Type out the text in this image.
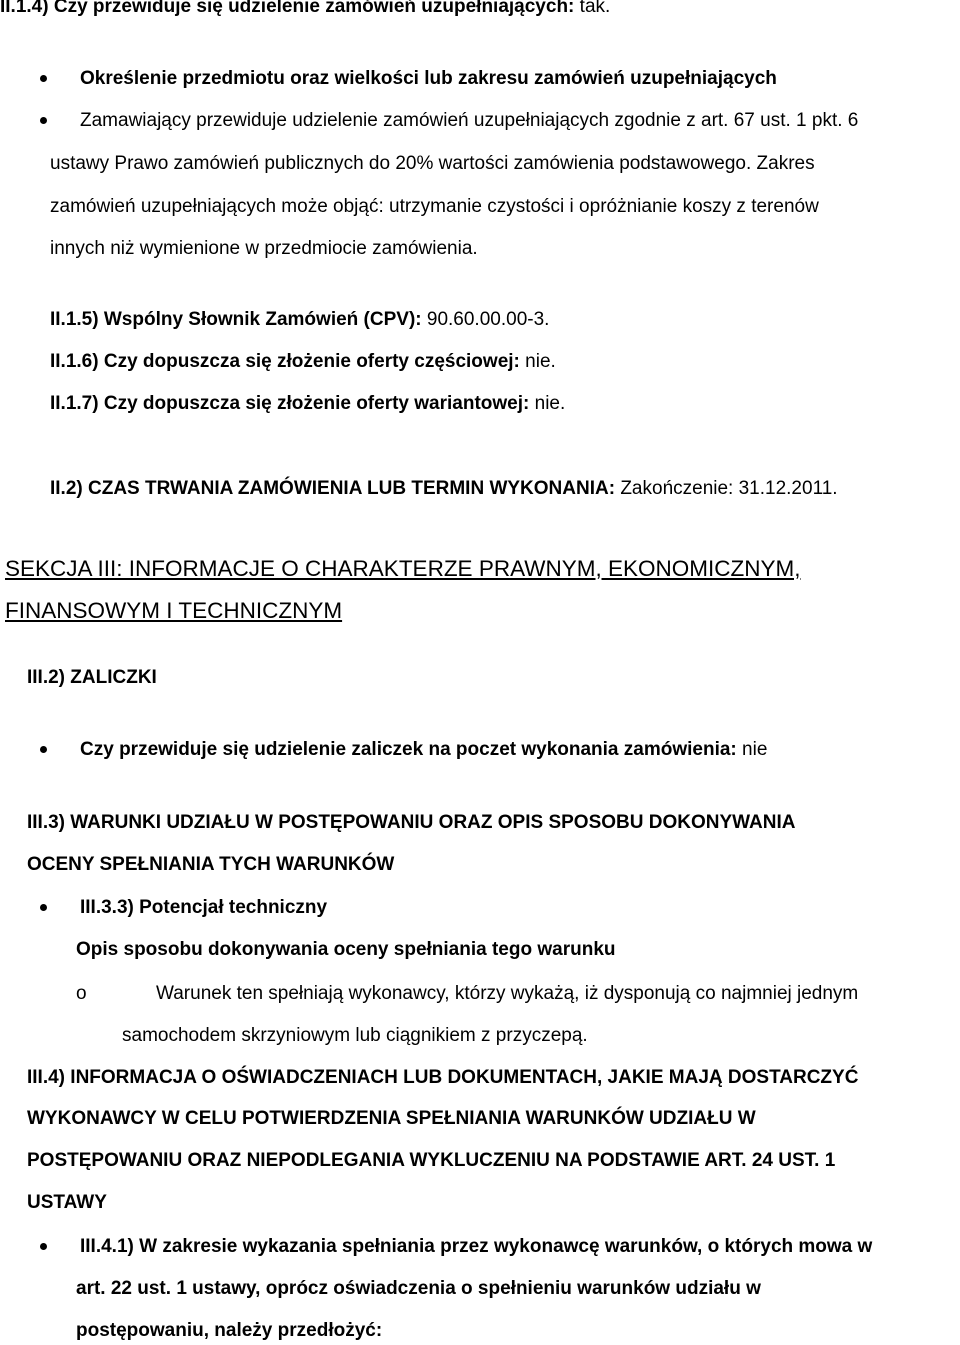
II.1.4) Czy przewiduje się udzielenie zamówień uzupełniających: tak.
Określenie przedmiotu oraz wielkości lub zakresu zamówień uzupełniających
Zamawiający przewiduje udzielenie zamówień uzupełniających zgodnie z art. 67 ust. 1 pkt. 6
ustawy Prawo zamówień publicznych do 20% wartości zamówienia podstawowego. Zakres
zamówień uzupełniających może objąć: utrzymanie czystości i opróżnianie koszy z terenów
innych niż wymienione w przedmiocie zamówienia.
II.1.5) Wspólny Słownik Zamówień (CPV): 90.60.00.00-3.
II.1.6) Czy dopuszcza się złożenie oferty częściowej: nie.
II.1.7) Czy dopuszcza się złożenie oferty wariantowej: nie.
II.2) CZAS TRWANIA ZAMÓWIENIA LUB TERMIN WYKONANIA: Zakończenie: 31.12.2011.
SEKCJA III: INFORMACJE O CHARAKTERZE PRAWNYM, EKONOMICZNYM,
FINANSOWYM I TECHNICZNYM
III.2) ZALICZKI
Czy przewiduje się udzielenie zaliczek na poczet wykonania zamówienia: nie
III.3) WARUNKI UDZIAŁU W POSTĘPOWANIU ORAZ OPIS SPOSOBU DOKONYWANIA
OCENY SPEŁNIANIA TYCH WARUNKÓW
III.3.3) Potencjał techniczny
Opis sposobu dokonywania oceny spełniania tego warunku
o	Warunek ten spełniają wykonawcy, którzy wykażą, iż dysponują co najmniej jednym
samochodem skrzyniowym lub ciągnikiem z przyczepą.
III.4) INFORMACJA O OŚWIADCZENIACH LUB DOKUMENTACH, JAKIE MAJĄ DOSTARCZYĆ
WYKONAWCY W CELU POTWIERDZENIA SPEŁNIANIA WARUNKÓW UDZIAŁU W
POSTĘPOWANIU ORAZ NIEPODLEGANIA WYKLUCZENIU NA PODSTAWIE ART. 24 UST. 1
USTAWY
III.4.1) W zakresie wykazania spełniania przez wykonawcę warunków, o których mowa w
art. 22 ust. 1 ustawy, oprócz oświadczenia o spełnieniu warunków udziału w
postępowaniu, należy przedłożyć:
